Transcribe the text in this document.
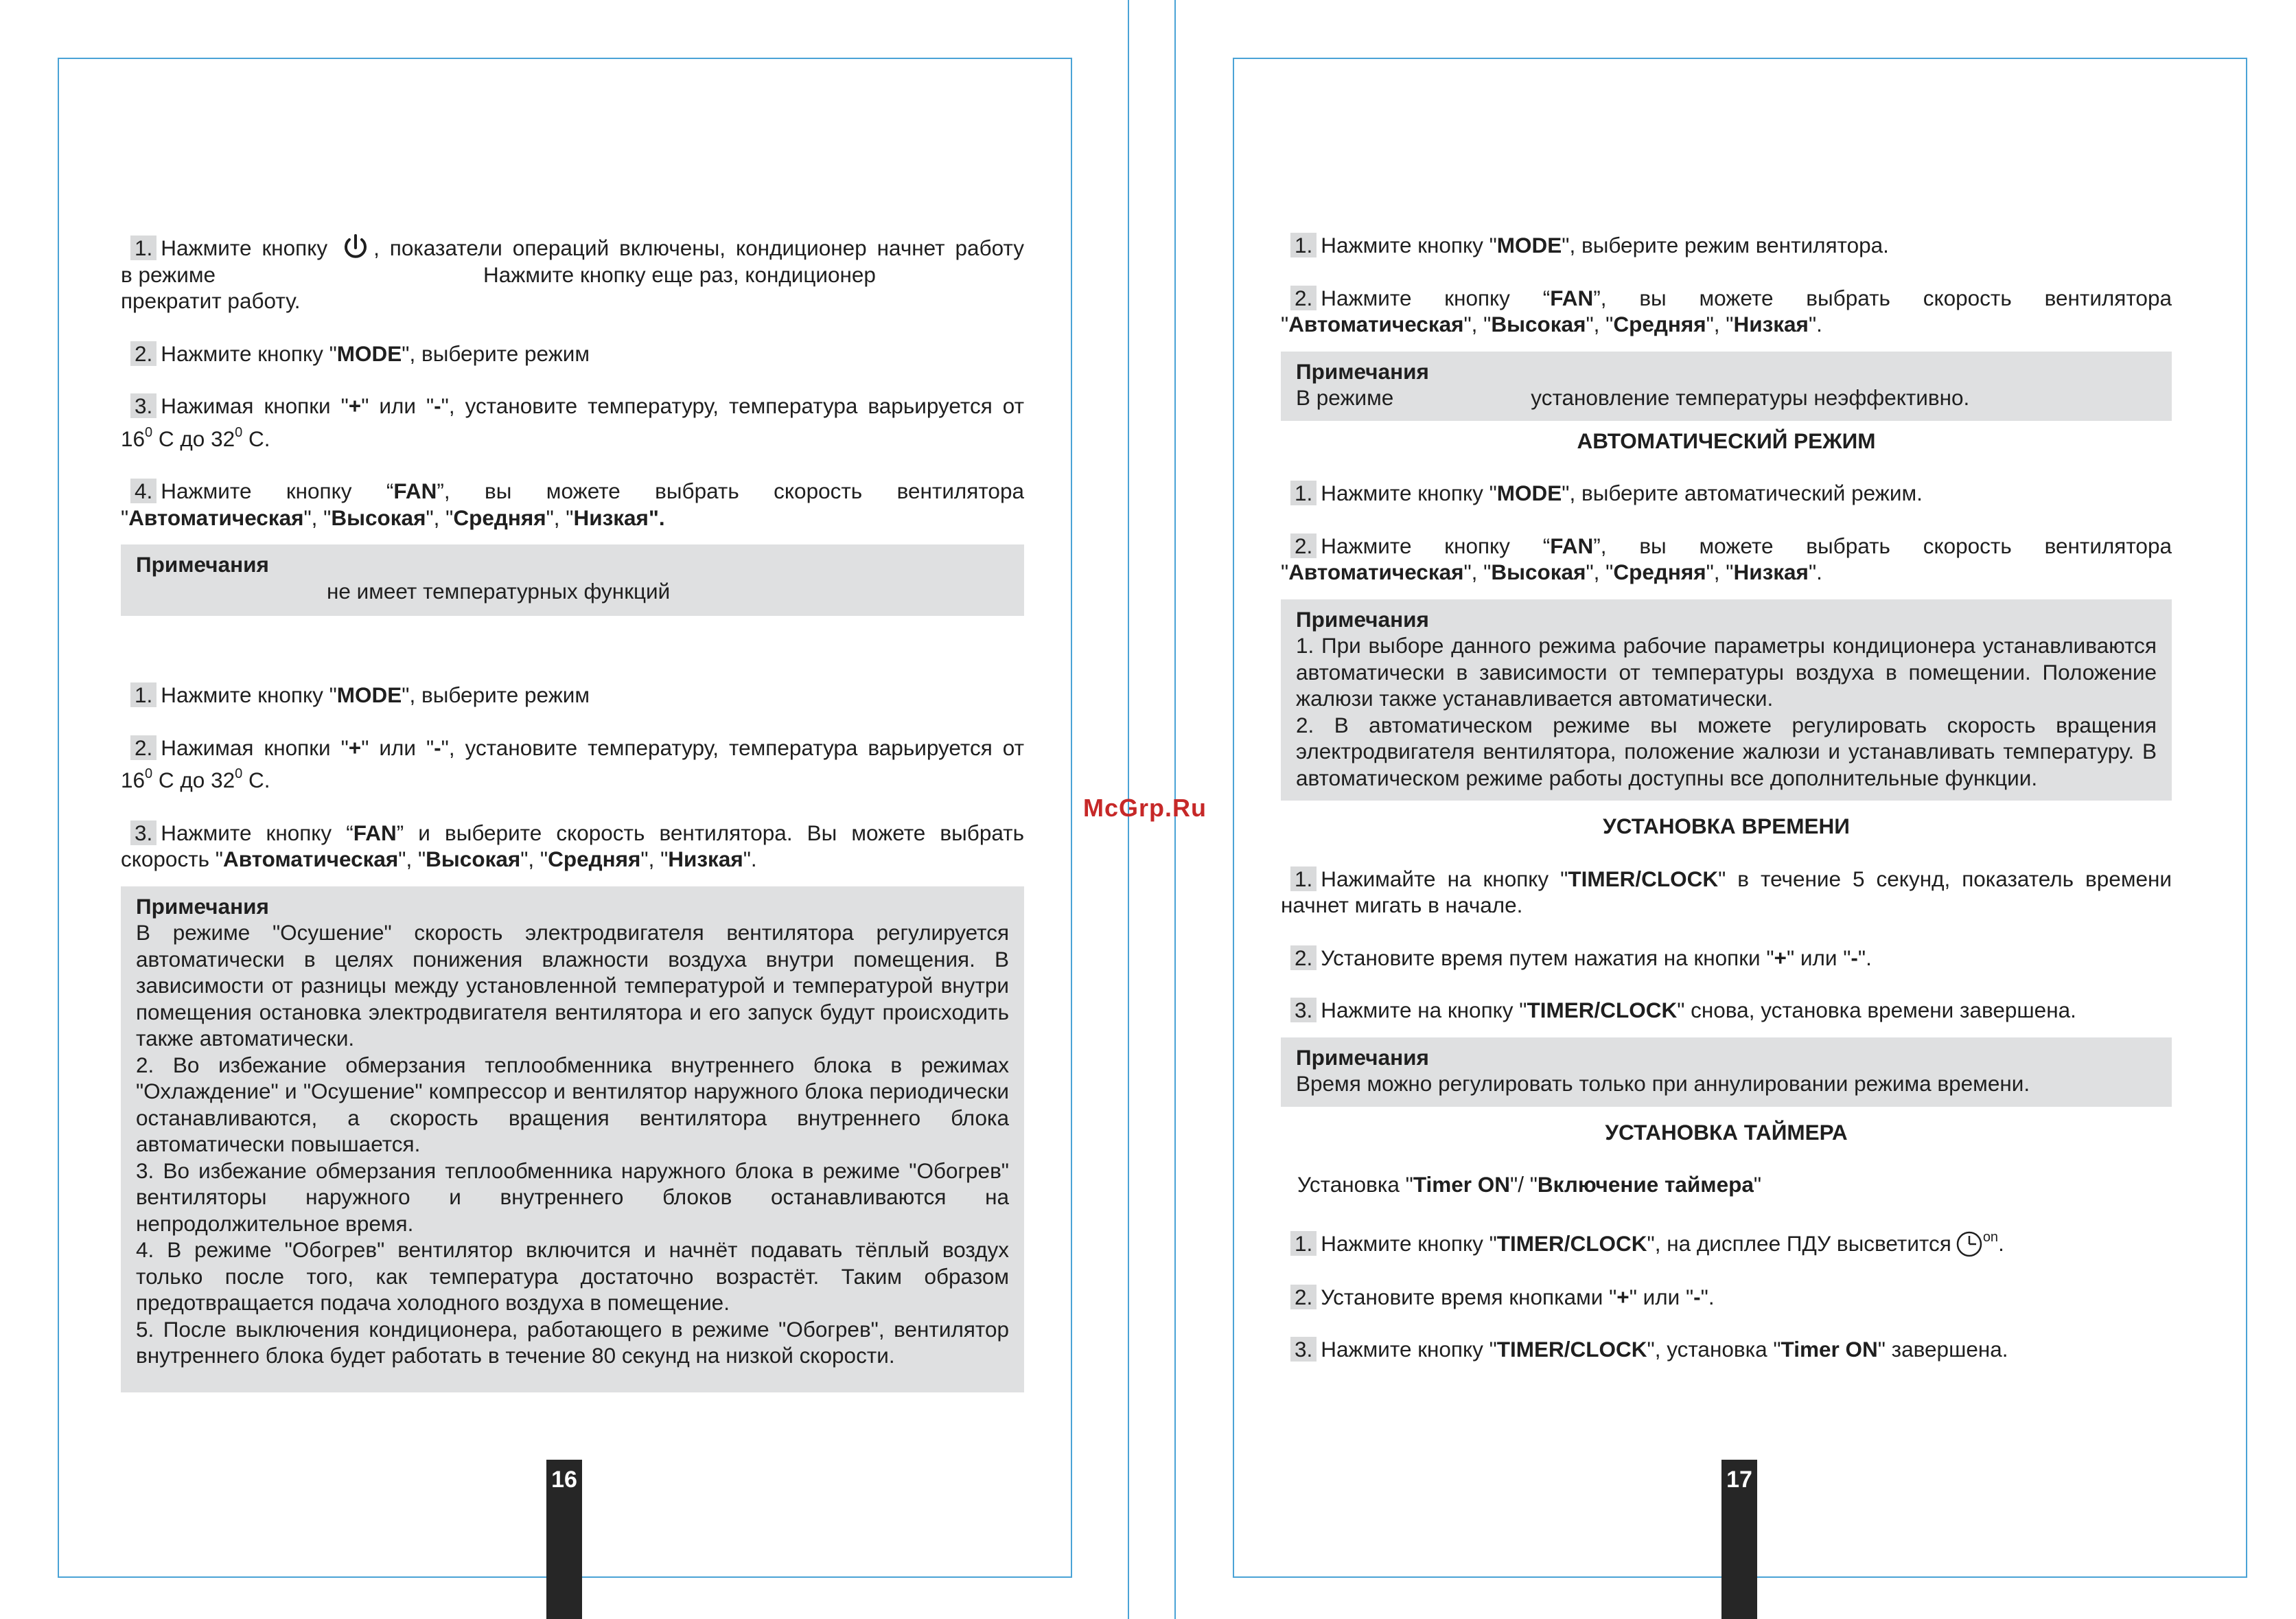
1. Нажмите кнопку , показатели операций включены, кондиционер начнет работу

в режиме	Нажмите кнопку еще раз, кондиционер

прекратит работу.

2. Нажмите кнопку "MODE", выберите режим

3. Нажимая кнопки "+" или "-", установите температуру, температура варьируется от

$16^0$ С до $32^0$ С.

4. Нажмите кнопку “FAN”, вы можете выбрать скорость вентилятора

"Автоматическая", "Высокая", "Средняя", "Низкая".

Примечания
не имеет температурных функций

1. Нажмите кнопку "MODE", выберите режим

2. Нажимая кнопки "+" или "-", установите температуру, температура варьируется от

$16^0$ С до $32^0$ С.

3. Нажмите кнопку “FAN” и выберите скорость вентилятора. Вы можете выбрать

скорость "Автоматическая", "Высокая", "Средняя", "Низкая".

Примечания
В режиме "Осушение" скорость электродвигателя вентилятора регулируется автоматически в целях понижения влажности воздуха внутри помещения. В зависимости от разницы между установленной температурой и температурой внутри помещения остановка электродвигателя вентилятора и его запуск будут происходить также автоматически.
2. Во избежание обмерзания теплообменника внутреннего блока в режимах "Охлаждение" и "Осушение" компрессор и вентилятор наружного блока периодически останавливаются, а скорость вращения вентилятора внутреннего блока автоматически повышается.
3. Во избежание обмерзания теплообменника наружного блока в режиме "Обогрев" вентиляторы наружного и внутреннего блоков останавливаются на непродолжительное время.
4. В режиме "Обогрев" вентилятор включится и начнёт подавать тёплый воздух только после того, как температура достаточно возрастёт. Таким образом предотвращается подача холодного воздуха в помещение.
5. После выключения кондиционера, работающего в режиме "Обогрев", вентилятор внутреннего блока будет работать в течение 80 секунд на низкой скорости.
16
McGrp.Ru

1. Нажмите кнопку "MODE", выберите режим вентилятора.

2. Нажмите кнопку “FAN”, вы можете выбрать скорость вентилятора

"Автоматическая", "Высокая", "Средняя", "Низкая".

Примечания
В режиме	установление температуры неэффективно.

АВТОМАТИЧЕСКИЙ РЕЖИМ

1. Нажмите кнопку "MODE", выберите автоматический режим.

2. Нажмите кнопку “FAN”, вы можете выбрать скорость вентилятора

"Автоматическая", "Высокая", "Средняя", "Низкая".

Примечания
1. При выборе данного режима рабочие параметры кондиционера устанавливаются автоматически в зависимости от температуры воздуха в помещении. Положение жалюзи также устанавливается автоматически.
2. В автоматическом режиме вы можете регулировать скорость вращения электродвигателя вентилятора, положение жалюзи и устанавливать температуру. В автоматическом режиме работы доступны все дополнительные функции.

УСТАНОВКА ВРЕМЕНИ

1. Нажимайте на кнопку "TIMER/CLOCK" в течение 5 секунд, показатель времени

начнет мигать в начале.

2. Установите время путем нажатия на кнопки "+" или "-".

3. Нажмите на кнопку "TIMER/CLOCK" снова, установка времени завершена.

Примечания
Время можно регулировать только при аннулировании режима времени.

УСТАНОВКА ТАЙМЕРА

Установка "Timer ON"/ "Включение таймера"

1. Нажмите кнопку "TIMER/CLOCK", на дисплее ПДУ высветится $^{on}$.

2. Установите время кнопками "+" или "-".

3. Нажмите кнопку "TIMER/CLOCK", установка "Timer ON" завершена.

17
